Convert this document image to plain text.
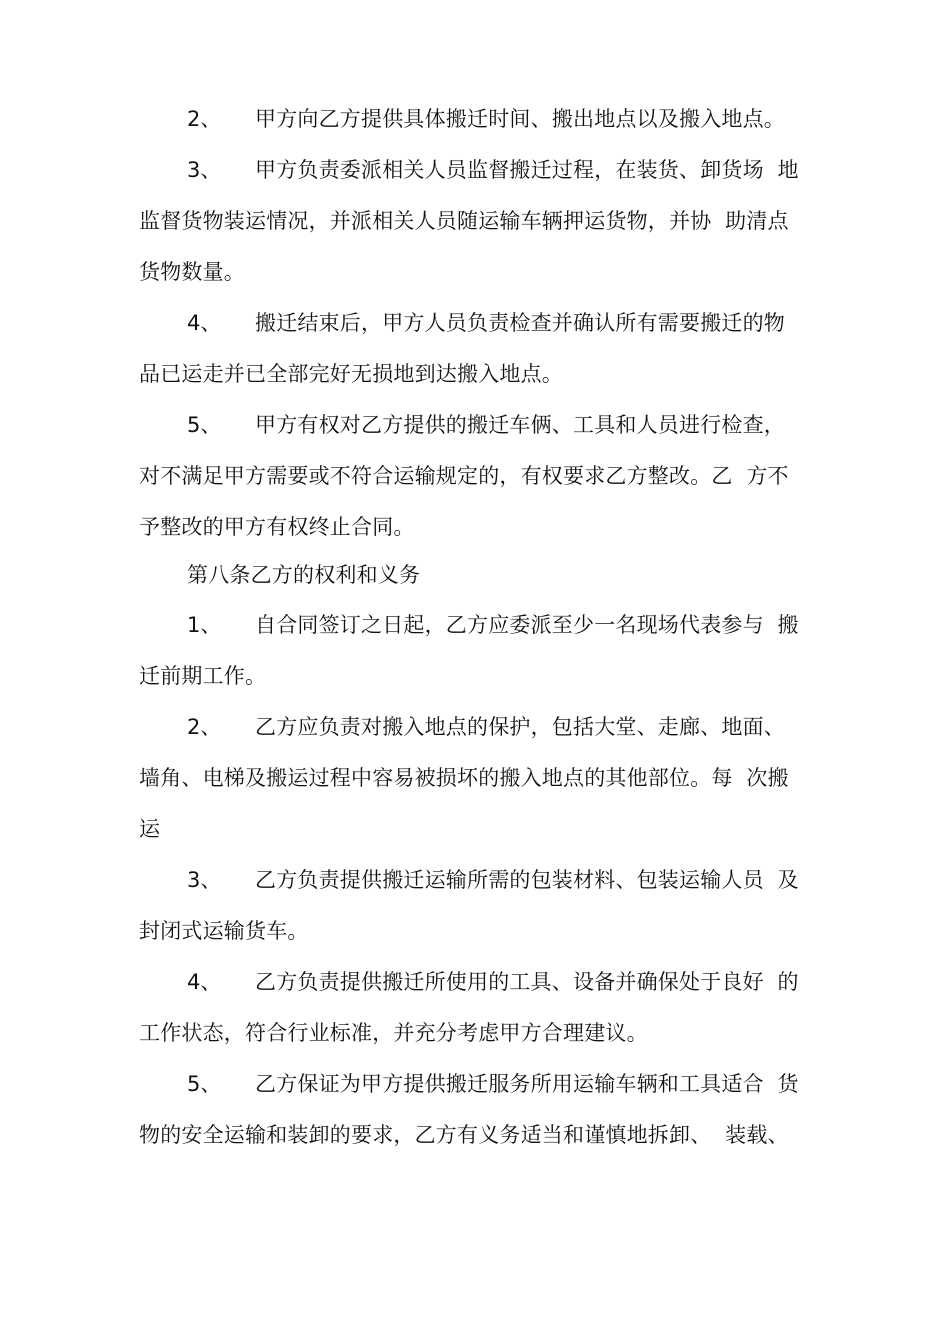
2、 甲方向乙方提供具体搬迁时间、搬出地点以及搬入地点。
3、 甲方负责委派相关人员监督搬迁过程，在装货、卸货场  地
监督货物装运情况，并派相关人员随运输车辆押运货物，并协  助清点
货物数量。
4、 搬迁结束后，甲方人员负责检查并确认所有需要搬迁的物
品已运走并已全部完好无损地到达搬入地点。
5、 甲方有权对乙方提供的搬迁车俩、工具和人员进行检查，
对不满足甲方需要或不符合运输规定的，有权要求乙方整改。乙  方不
予整改的甲方有权终止合同。
第八条乙方的权利和义务
1、 自合同签订之日起，乙方应委派至少一名现场代表参与  搬
迁前期工作。
2、 乙方应负责对搬入地点的保护，包括大堂、走廊、地面、
墙角、电梯及搬运过程中容易被损坏的搬入地点的其他部位。每  次搬
运
3、 乙方负责提供搬迁运输所需的包装材料、包装运输人员  及
封闭式运输货车。
4、 乙方负责提供搬迁所使用的工具、设备并确保处于良好  的
工作状态，符合行业标准，并充分考虑甲方合理建议。
5、 乙方保证为甲方提供搬迁服务所用运输车辆和工具适合  货
物的安全运输和装卸的要求，乙方有义务适当和谨慎地拆卸、  装载、
